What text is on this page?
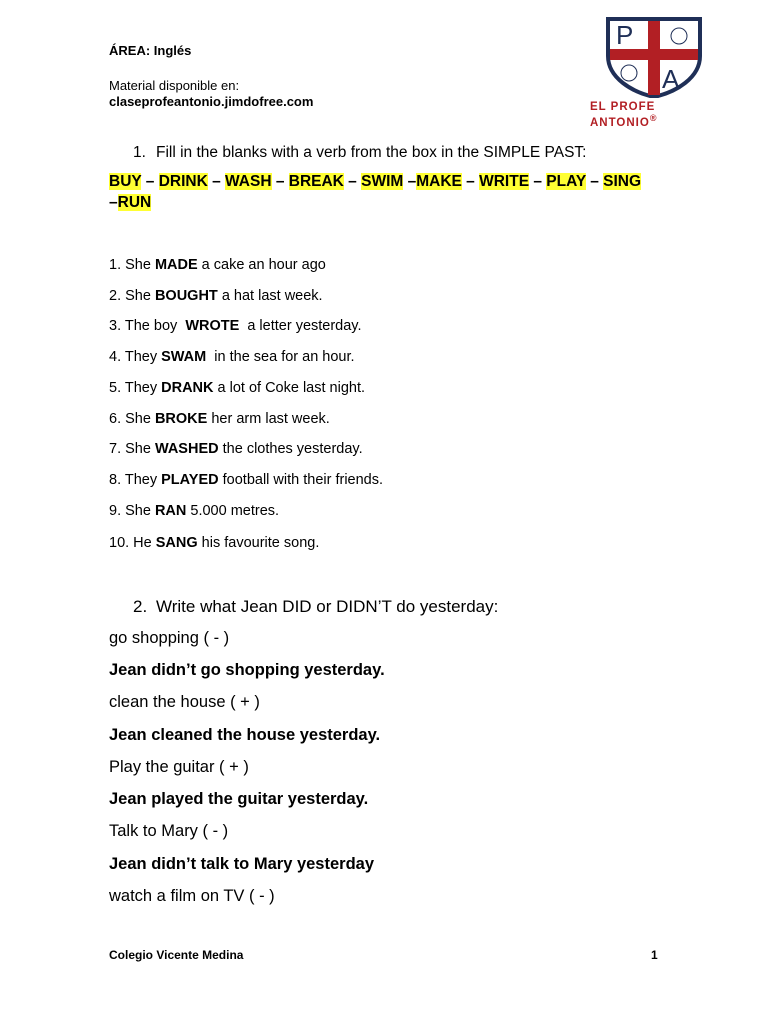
ÁREA: Inglés
Material disponible en:
claseprofeantonio.jimdofree.com
P
A
EL PROFE ANTONIO®
1. Fill in the blanks with a verb from the box in the SIMPLE PAST:
BUY – DRINK – WASH – BREAK – SWIM –MAKE – WRITE – PLAY – SING –RUN
1. She MADE a cake an hour ago
2. She BOUGHT a hat last week.
3. The boy  WROTE  a letter yesterday.
4. They SWAM  in the sea for an hour.
5. They DRANK a lot of Coke last night.
6. She BROKE her arm last week.
7. She WASHED the clothes yesterday.
8. They PLAYED football with their friends.
9. She RAN 5.000 metres.
10. He SANG his favourite song.
2. Write what Jean DID or DIDN’T do yesterday:
go shopping ( - )
Jean didn’t go shopping yesterday.
clean the house ( + )
Jean cleaned the house yesterday.
Play the guitar ( + )
Jean played the guitar yesterday.
Talk to Mary ( - )
Jean didn’t talk to Mary yesterday
watch a film on TV ( - )
Colegio Vicente Medina	1
